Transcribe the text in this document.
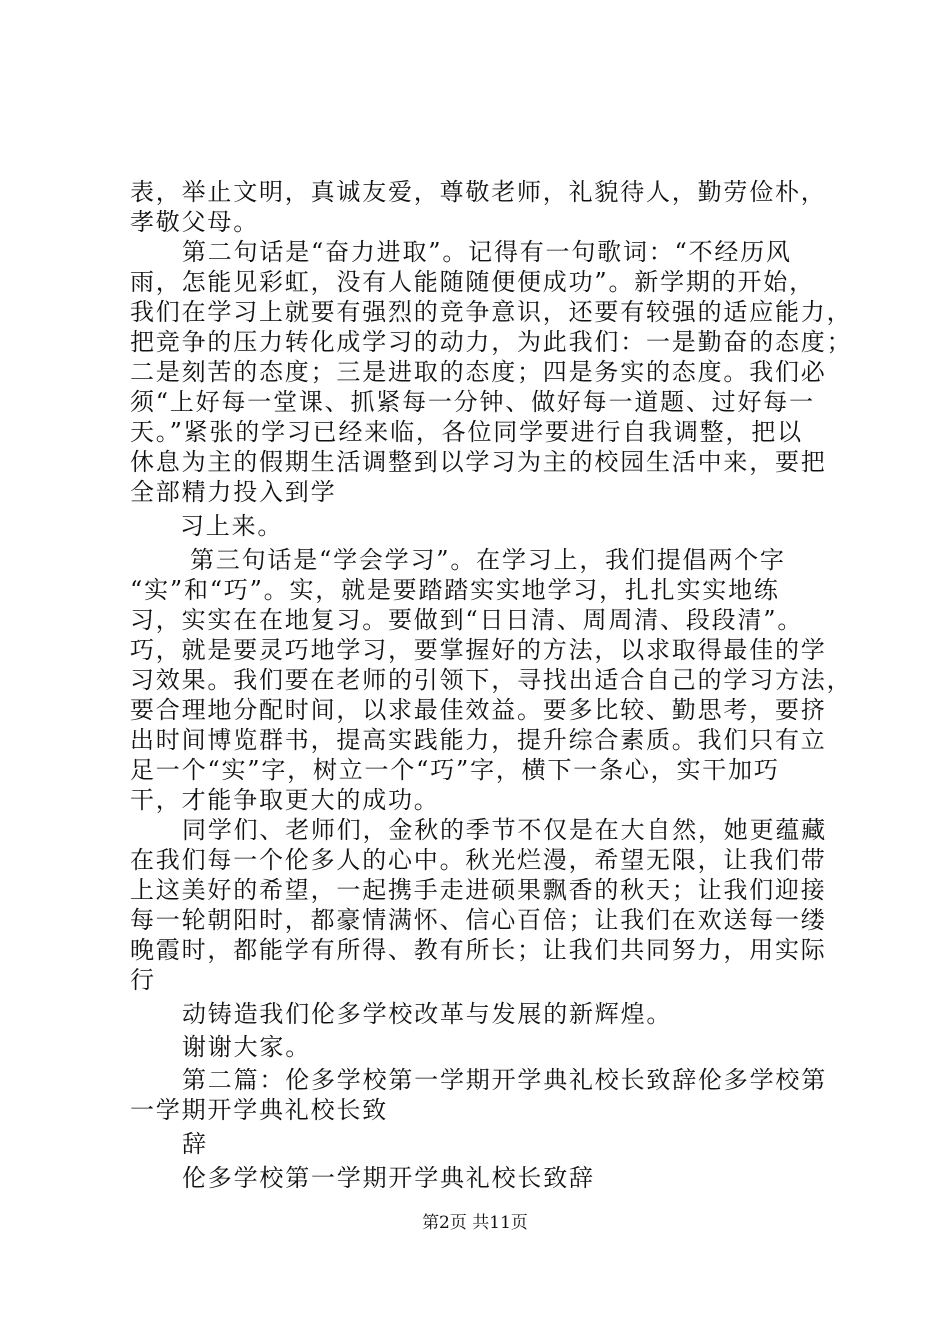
表，举止文明，真诚友爱，尊敬老师，礼貌待人，勤劳俭朴，

孝敬父母。

第二句话是“奋力进取”。记得有一句歌词：“不经历风

雨，怎能见彩虹，没有人能随随便便成功”。新学期的开始，

我们在学习上就要有强烈的竞争意识，还要有较强的适应能力，

把竞争的压力转化成学习的动力，为此我们：一是勤奋的态度；

二是刻苦的态度；三是进取的态度；四是务实的态度。我们必

须“上好每一堂课、抓紧每一分钟、做好每一道题、过好每一

天。”紧张的学习已经来临，各位同学要进行自我调整，把以

休息为主的假期生活调整到以学习为主的校园生活中来，要把

全部精力投入到学

习上来。

第三句话是“学会学习”。在学习上，我们提倡两个字

“实”和“巧”。实，就是要踏踏实实地学习，扎扎实实地练

习，实实在在地复习。要做到“日日清、周周清、段段清”。

巧，就是要灵巧地学习，要掌握好的方法，以求取得最佳的学

习效果。我们要在老师的引领下，寻找出适合自己的学习方法，

要合理地分配时间，以求最佳效益。要多比较、勤思考，要挤

出时间博览群书，提高实践能力，提升综合素质。我们只有立

足一个“实”字，树立一个“巧”字，横下一条心，实干加巧

干，才能争取更大的成功。

同学们、老师们，金秋的季节不仅是在大自然，她更蕴藏

在我们每一个伦多人的心中。秋光烂漫，希望无限，让我们带

上这美好的希望，一起携手走进硕果飘香的秋天；让我们迎接

每一轮朝阳时，都豪情满怀、信心百倍；让我们在欢送每一缕

晚霞时，都能学有所得、教有所长；让我们共同努力，用实际

行

动铸造我们伦多学校改革与发展的新辉煌。

谢谢大家。

第二篇：伦多学校第一学期开学典礼校长致辞伦多学校第

一学期开学典礼校长致

辞

伦多学校第一学期开学典礼校长致辞

第2页 共11页
